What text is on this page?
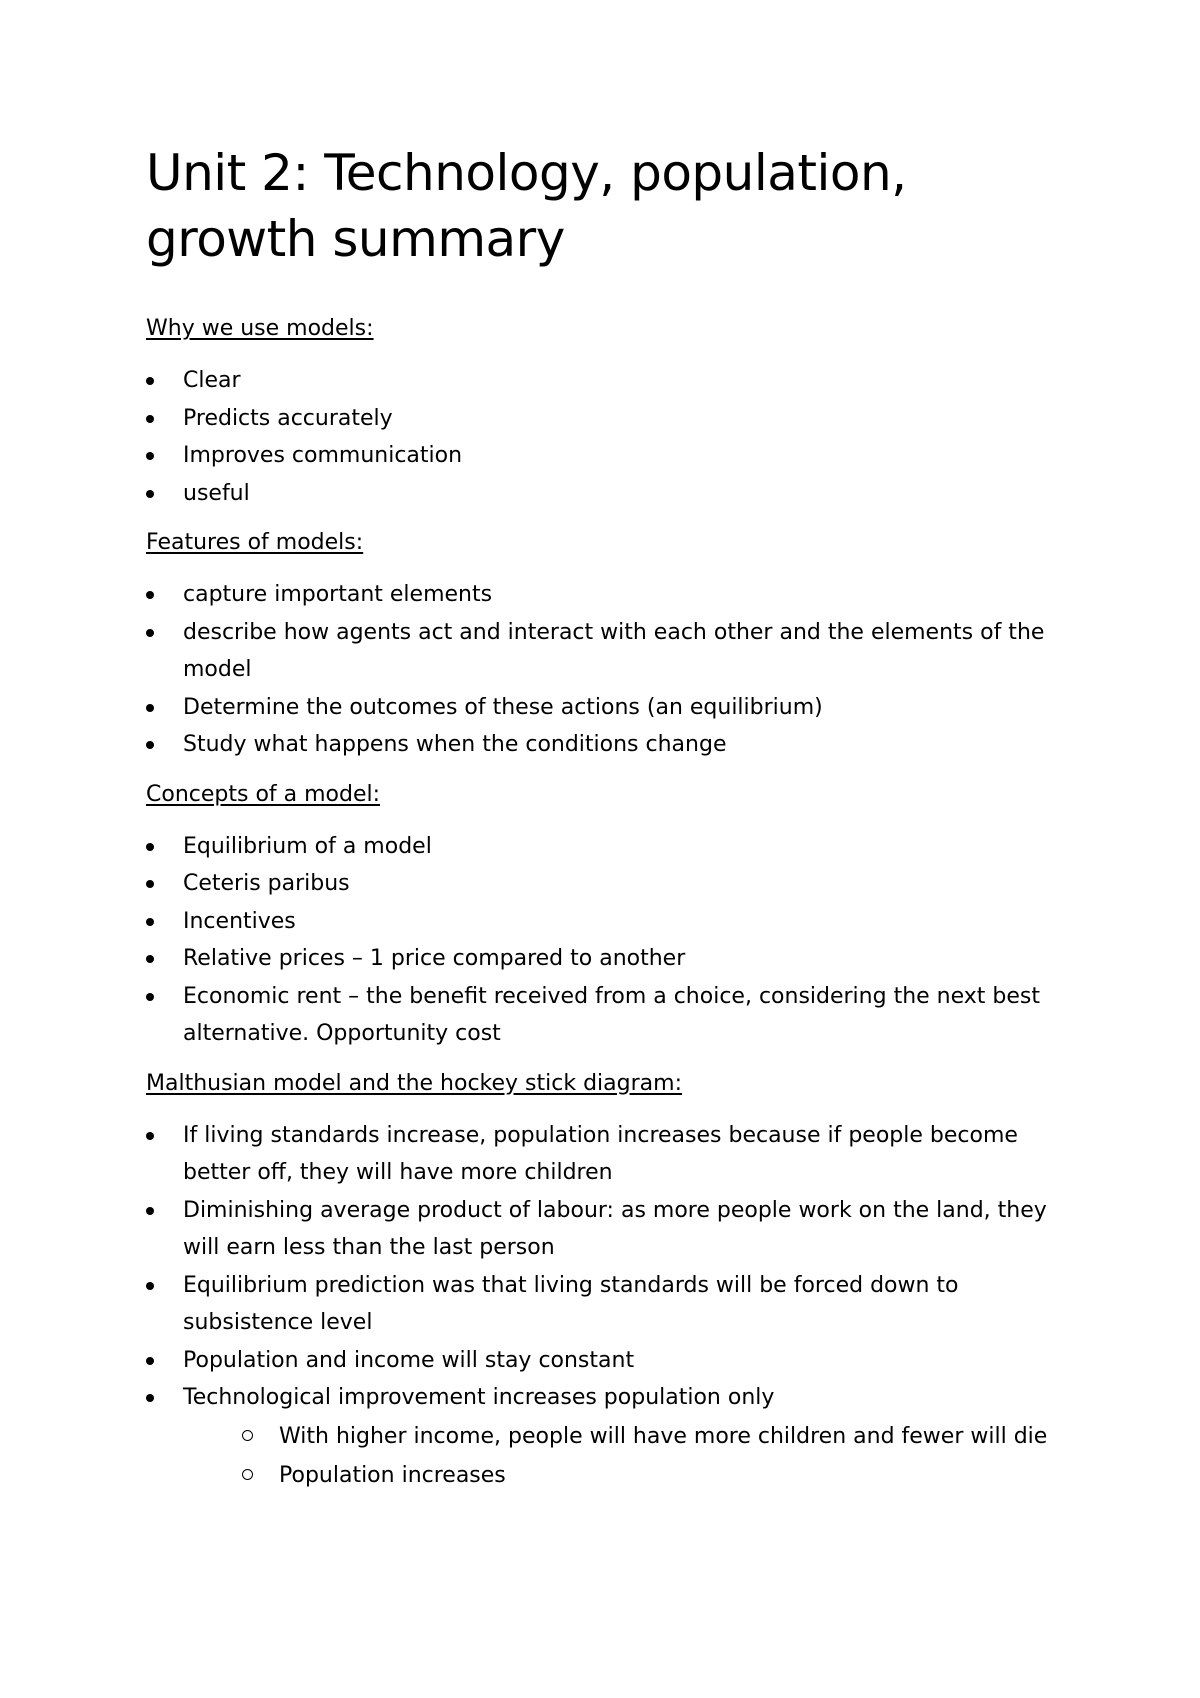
Unit 2: Technology, population, growth summary
Why we use models:
Clear
Predicts accurately
Improves communication
useful
Features of models:
capture important elements
describe how agents act and interact with each other and the elements of the model
Determine the outcomes of these actions (an equilibrium)
Study what happens when the conditions change
Concepts of a model:
Equilibrium of a model
Ceteris paribus
Incentives
Relative prices – 1 price compared to another
Economic rent – the benefit received from a choice, considering the next best alternative. Opportunity cost
Malthusian model and the hockey stick diagram:
If living standards increase, population increases because if people become better off, they will have more children
Diminishing average product of labour: as more people work on the land, they will earn less than the last person
Equilibrium prediction was that living standards will be forced down to subsistence level
Population and income will stay constant
Technological improvement increases population only
With higher income, people will have more children and fewer will die
Population increases
